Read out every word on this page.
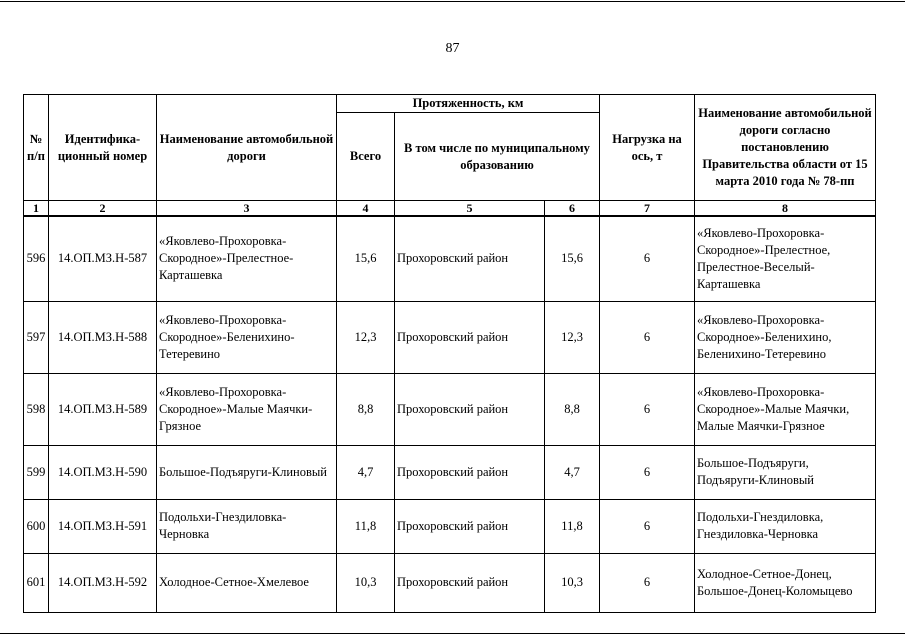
87
№ п/п	Идентифика-ционный номер	Наименование автомобильной дороги	Протяженность, км			Нагрузка на ось, т	Наименование автомобильной дороги согласно постановлению Правительства области от 15 марта 2010 года № 78-пп
			Всего	В том числе по муниципальному образованию			
1	2	3	4	5	6	7	8
596	14.ОП.МЗ.Н-587	«Яковлево-Прохоровка-Скородное»-Прелестное-Карташевка	15,6	Прохоровский район	15,6	6	«Яковлево-Прохоровка-Скородное»-Прелестное, Прелестное-Веселый-Карташевка
597	14.ОП.МЗ.Н-588	«Яковлево-Прохоровка-Скородное»-Беленихино-Тетеревино	12,3	Прохоровский район	12,3	6	«Яковлево-Прохоровка-Скородное»-Беленихино, Беленихино-Тетеревино
598	14.ОП.МЗ.Н-589	«Яковлево-Прохоровка-Скородное»-Малые Маячки-Грязное	8,8	Прохоровский район	8,8	6	«Яковлево-Прохоровка-Скородное»-Малые Маячки, Малые Маячки-Грязное
599	14.ОП.МЗ.Н-590	Большое-Подъяруги-Клиновый	4,7	Прохоровский район	4,7	6	Большое-Подъяруги, Подъяруги-Клиновый
600	14.ОП.МЗ.Н-591	Подольхи-Гнездиловка-Черновка	11,8	Прохоровский район	11,8	6	Подольхи-Гнездиловка, Гнездиловка-Черновка
601	14.ОП.МЗ.Н-592	Холодное-Сетное-Хмелевое	10,3	Прохоровский район	10,3	6	Холодное-Сетное-Донец, Большое-Донец-Коломыцево
